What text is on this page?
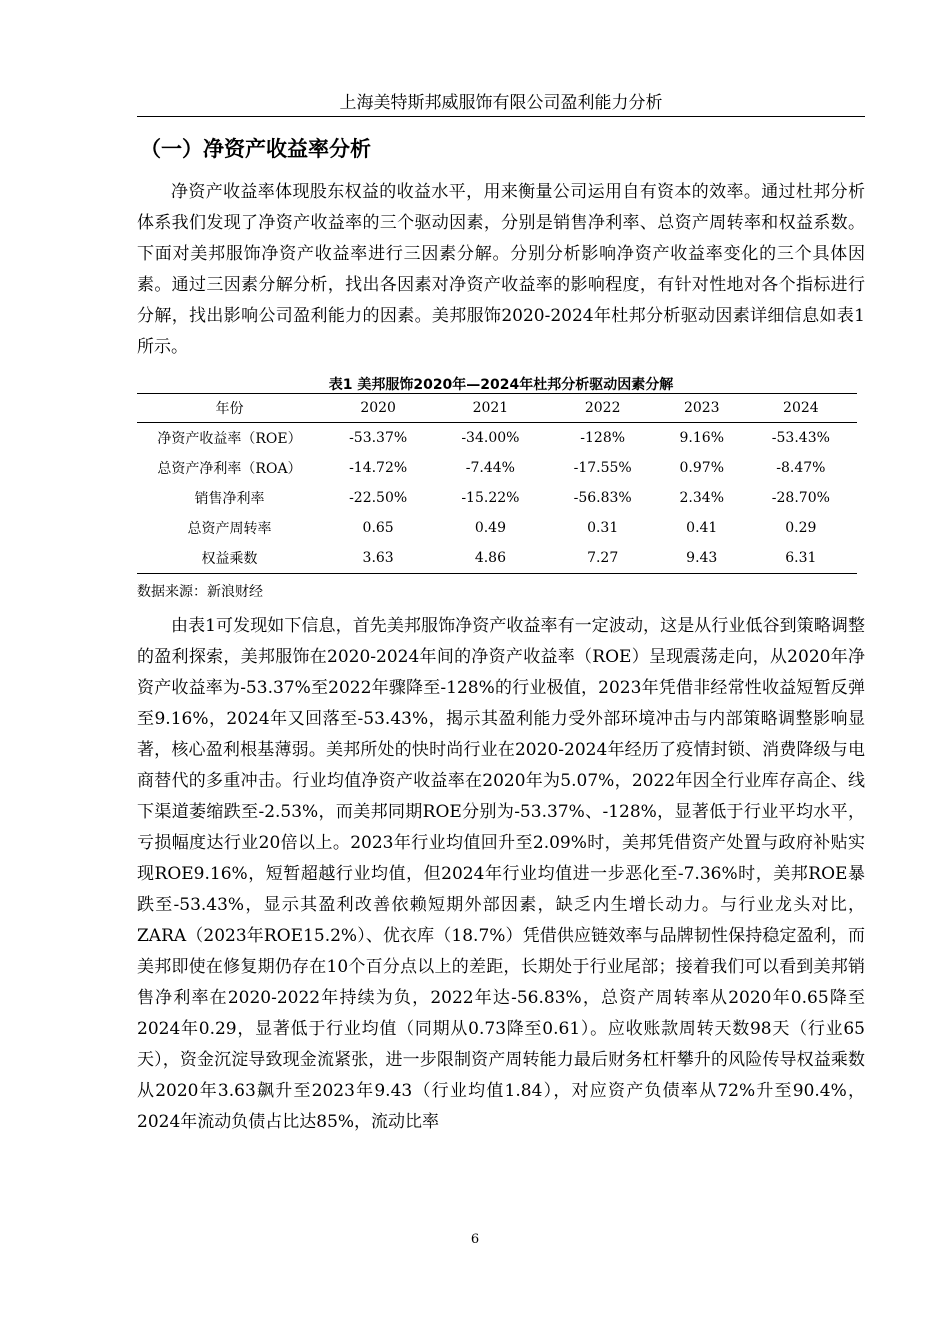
上海美特斯邦威服饰有限公司盈利能力分析
（一）净资产收益率分析

净资产收益率体现股东权益的收益水平，用来衡量公司运用自有资本的效率。通过杜邦分析体系我们发现了净资产收益率的三个驱动因素，分别是销售净利率、总资产周转率和权益系数。下面对美邦服饰净资产收益率进行三因素分解。分别分析影响净资产收益率变化的三个具体因素。通过三因素分解分析，找出各因素对净资产收益率的影响程度，有针对性地对各个指标进行分解，找出影响公司盈利能力的因素。美邦服饰2020-2024年杜邦分析驱动因素详细信息如表1所示。

表1 美邦服饰2020年—2024年杜邦分析驱动因素分解
年份	2020	2021	2022	2023	2024
净资产收益率（ROE）	-53.37%	-34.00%	-128%	9.16%	-53.43%
总资产净利率（ROA）	-14.72%	-7.44%	-17.55%	0.97%	-8.47%
销售净利率	-22.50%	-15.22%	-56.83%	2.34%	-28.70%
总资产周转率	0.65	0.49	0.31	0.41	0.29
权益乘数	3.63	4.86	7.27	9.43	6.31
数据来源：新浪财经

由表1可发现如下信息，首先美邦服饰净资产收益率有一定波动，这是从行业低谷到策略调整的盈利探索，美邦服饰在2020-2024年间的净资产收益率（ROE）呈现震荡走向，从2020年净资产收益率为-53.37%至2022年骤降至-128%的行业极值，2023年凭借非经常性收益短暂反弹至9.16%，2024年又回落至-53.43%，揭示其盈利能力受外部环境冲击与内部策略调整影响显著，核心盈利根基薄弱。美邦所处的快时尚行业在2020-2024年经历了疫情封锁、消费降级与电商替代的多重冲击。行业均值净资产收益率在2020年为5.07%，2022年因全行业库存高企、线下渠道萎缩跌至-2.53%，而美邦同期ROE分别为-53.37%、-128%，显著低于行业平均水平，亏损幅度达行业20倍以上。2023年行业均值回升至2.09%时，美邦凭借资产处置与政府补贴实现ROE9.16%，短暂超越行业均值，但2024年行业均值进一步恶化至-7.36%时，美邦ROE暴跌至-53.43%，显示其盈利改善依赖短期外部因素，缺乏内生增长动力。与行业龙头对比，ZARA（2023年ROE15.2%）、优衣库（18.7%）凭借供应链效率与品牌韧性保持稳定盈利，而美邦即使在修复期仍存在10个百分点以上的差距，长期处于行业尾部；接着我们可以看到美邦销售净利率在2020-2022年持续为负，2022年达-56.83%，总资产周转率从2020年0.65降至2024年0.29，显著低于行业均值（同期从0.73降至0.61）。应收账款周转天数98天（行业65天），资金沉淀导致现金流紧张，进一步限制资产周转能力最后财务杠杆攀升的风险传导权益乘数从2020年3.63飙升至2023年9.43（行业均值1.84），对应资产负债率从72%升至90.4%，2024年流动负债占比达85%，流动比率

6
